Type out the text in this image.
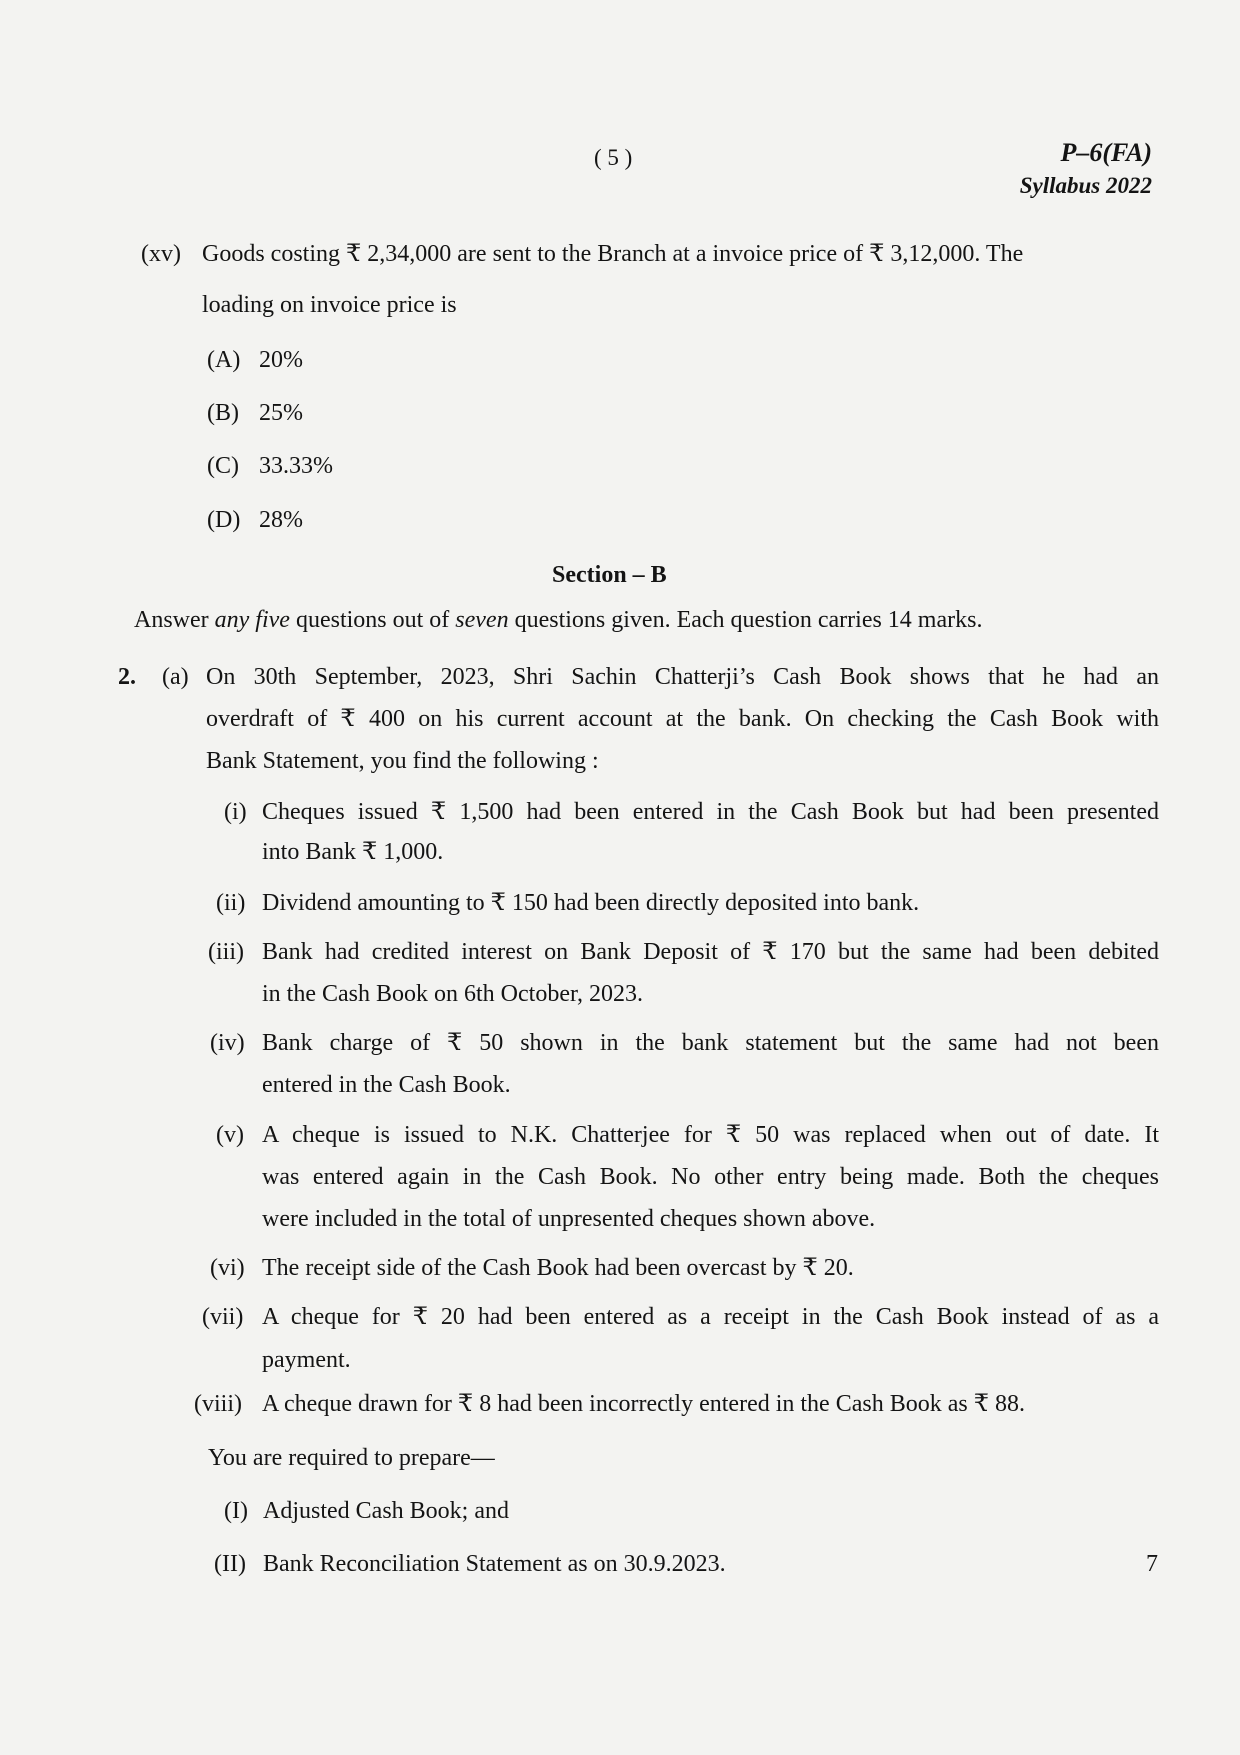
( 5 )	P–6(FA)
Syllabus 2022
(xv) Goods costing ₹ 2,34,000 are sent to the Branch at a invoice price of ₹ 3,12,000. The
loading on invoice price is
(A) 20%
(B) 25%
(C) 33.33%
(D) 28%
Section – B
Answer any five questions out of seven questions given. Each question carries 14 marks.
2. (a) On 30th September, 2023, Shri Sachin Chatterji’s Cash Book shows that he had an
overdraft of ₹ 400 on his current account at the bank. On checking the Cash Book with
Bank Statement, you find the following :
(i) Cheques issued ₹ 1,500 had been entered in the Cash Book but had been presented
into Bank ₹ 1,000.
(ii) Dividend amounting to ₹ 150 had been directly deposited into bank.
(iii) Bank had credited interest on Bank Deposit of ₹ 170 but the same had been debited
in the Cash Book on 6th October, 2023.
(iv) Bank charge of ₹ 50 shown in the bank statement but the same had not been
entered in the Cash Book.
(v) A cheque is issued to N.K. Chatterjee for ₹ 50 was replaced when out of date. It
was entered again in the Cash Book. No other entry being made. Both the cheques
were included in the total of unpresented cheques shown above.
(vi) The receipt side of the Cash Book had been overcast by ₹ 20.
(vii) A cheque for ₹ 20 had been entered as a receipt in the Cash Book instead of as a
payment.
(viii) A cheque drawn for ₹ 8 had been incorrectly entered in the Cash Book as ₹ 88.
You are required to prepare—
(I) Adjusted Cash Book; and
(II) Bank Reconciliation Statement as on 30.9.2023.	7
